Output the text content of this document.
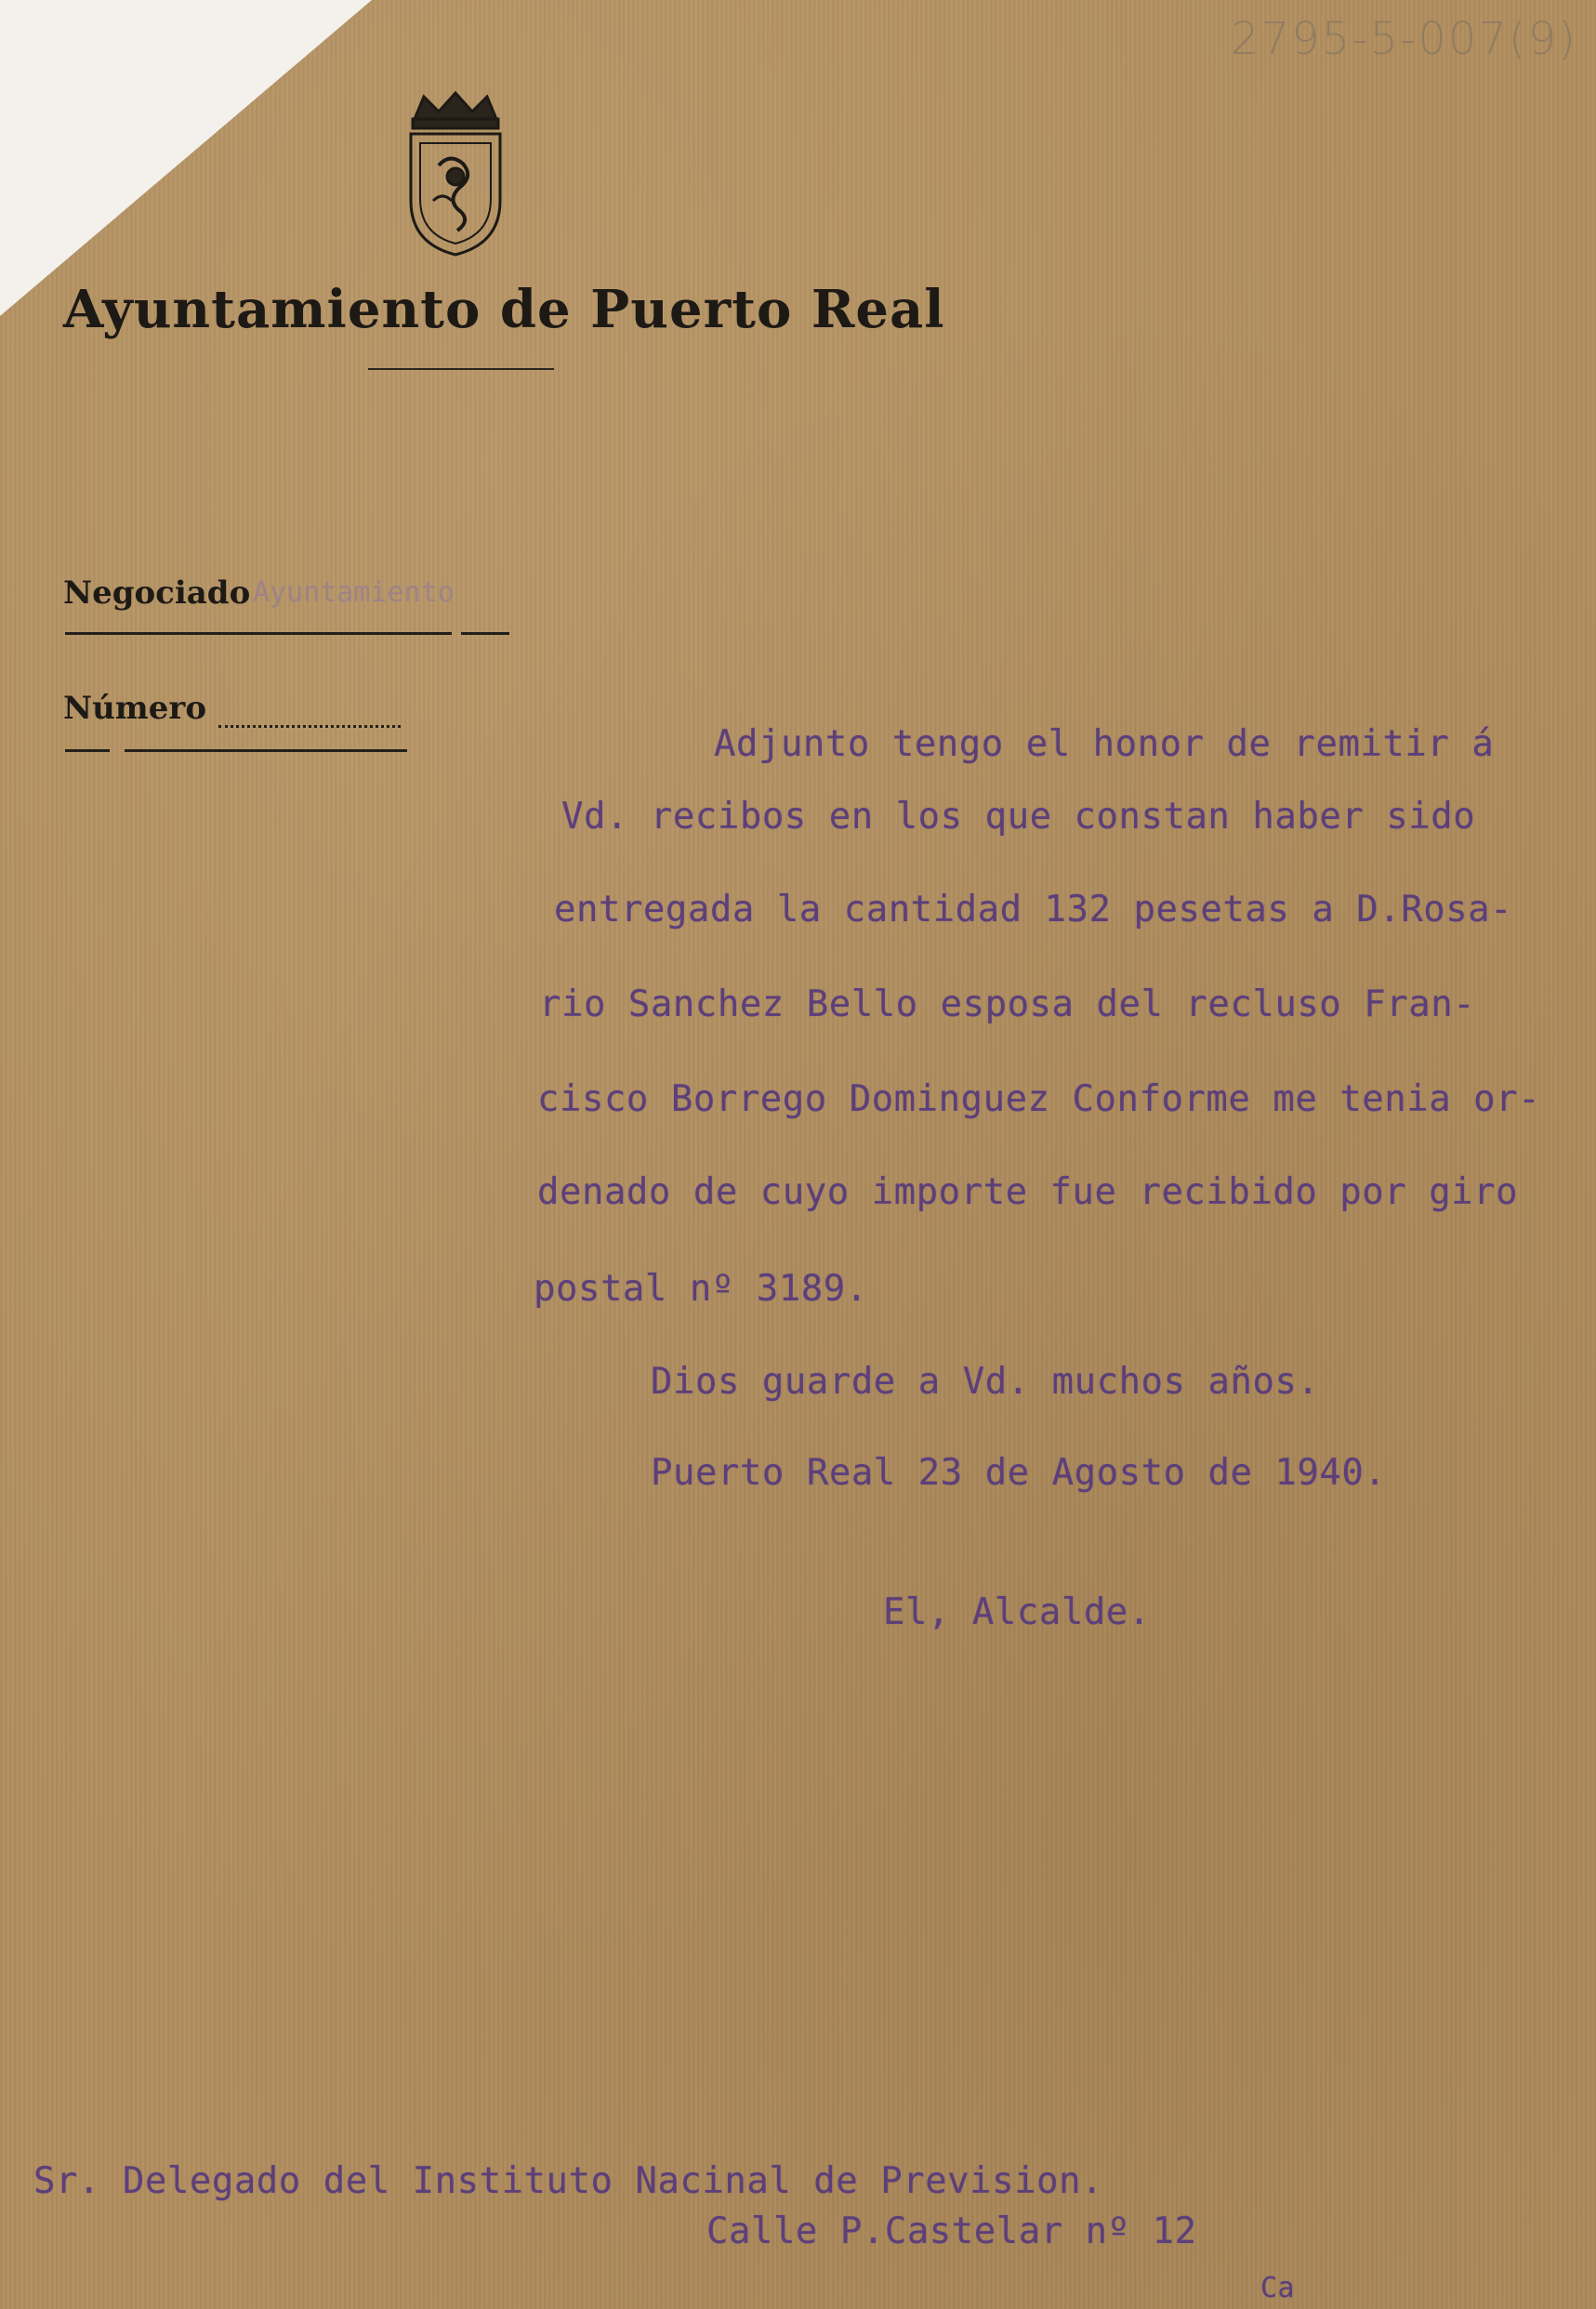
2795-5-007(9)
Ayuntamiento de Puerto Real
Negociado Ayuntamiento
Número
Adjunto tengo el honor de remitir á
Vd. recibos en los que constan haber sido
entregada la cantidad 132 pesetas a D.Rosa-
rio Sanchez Bello esposa del recluso Fran-
cisco Borrego Dominguez Conforme me tenia or-
denado de cuyo importe fue recibido por giro
postal nº 3189.
Dios guarde a Vd. muchos años.
Puerto Real 23 de Agosto de 1940.
El, Alcalde.
Sr. Delegado del Instituto Nacinal de Prevision.
Calle P.Castelar nº 12
Ca
